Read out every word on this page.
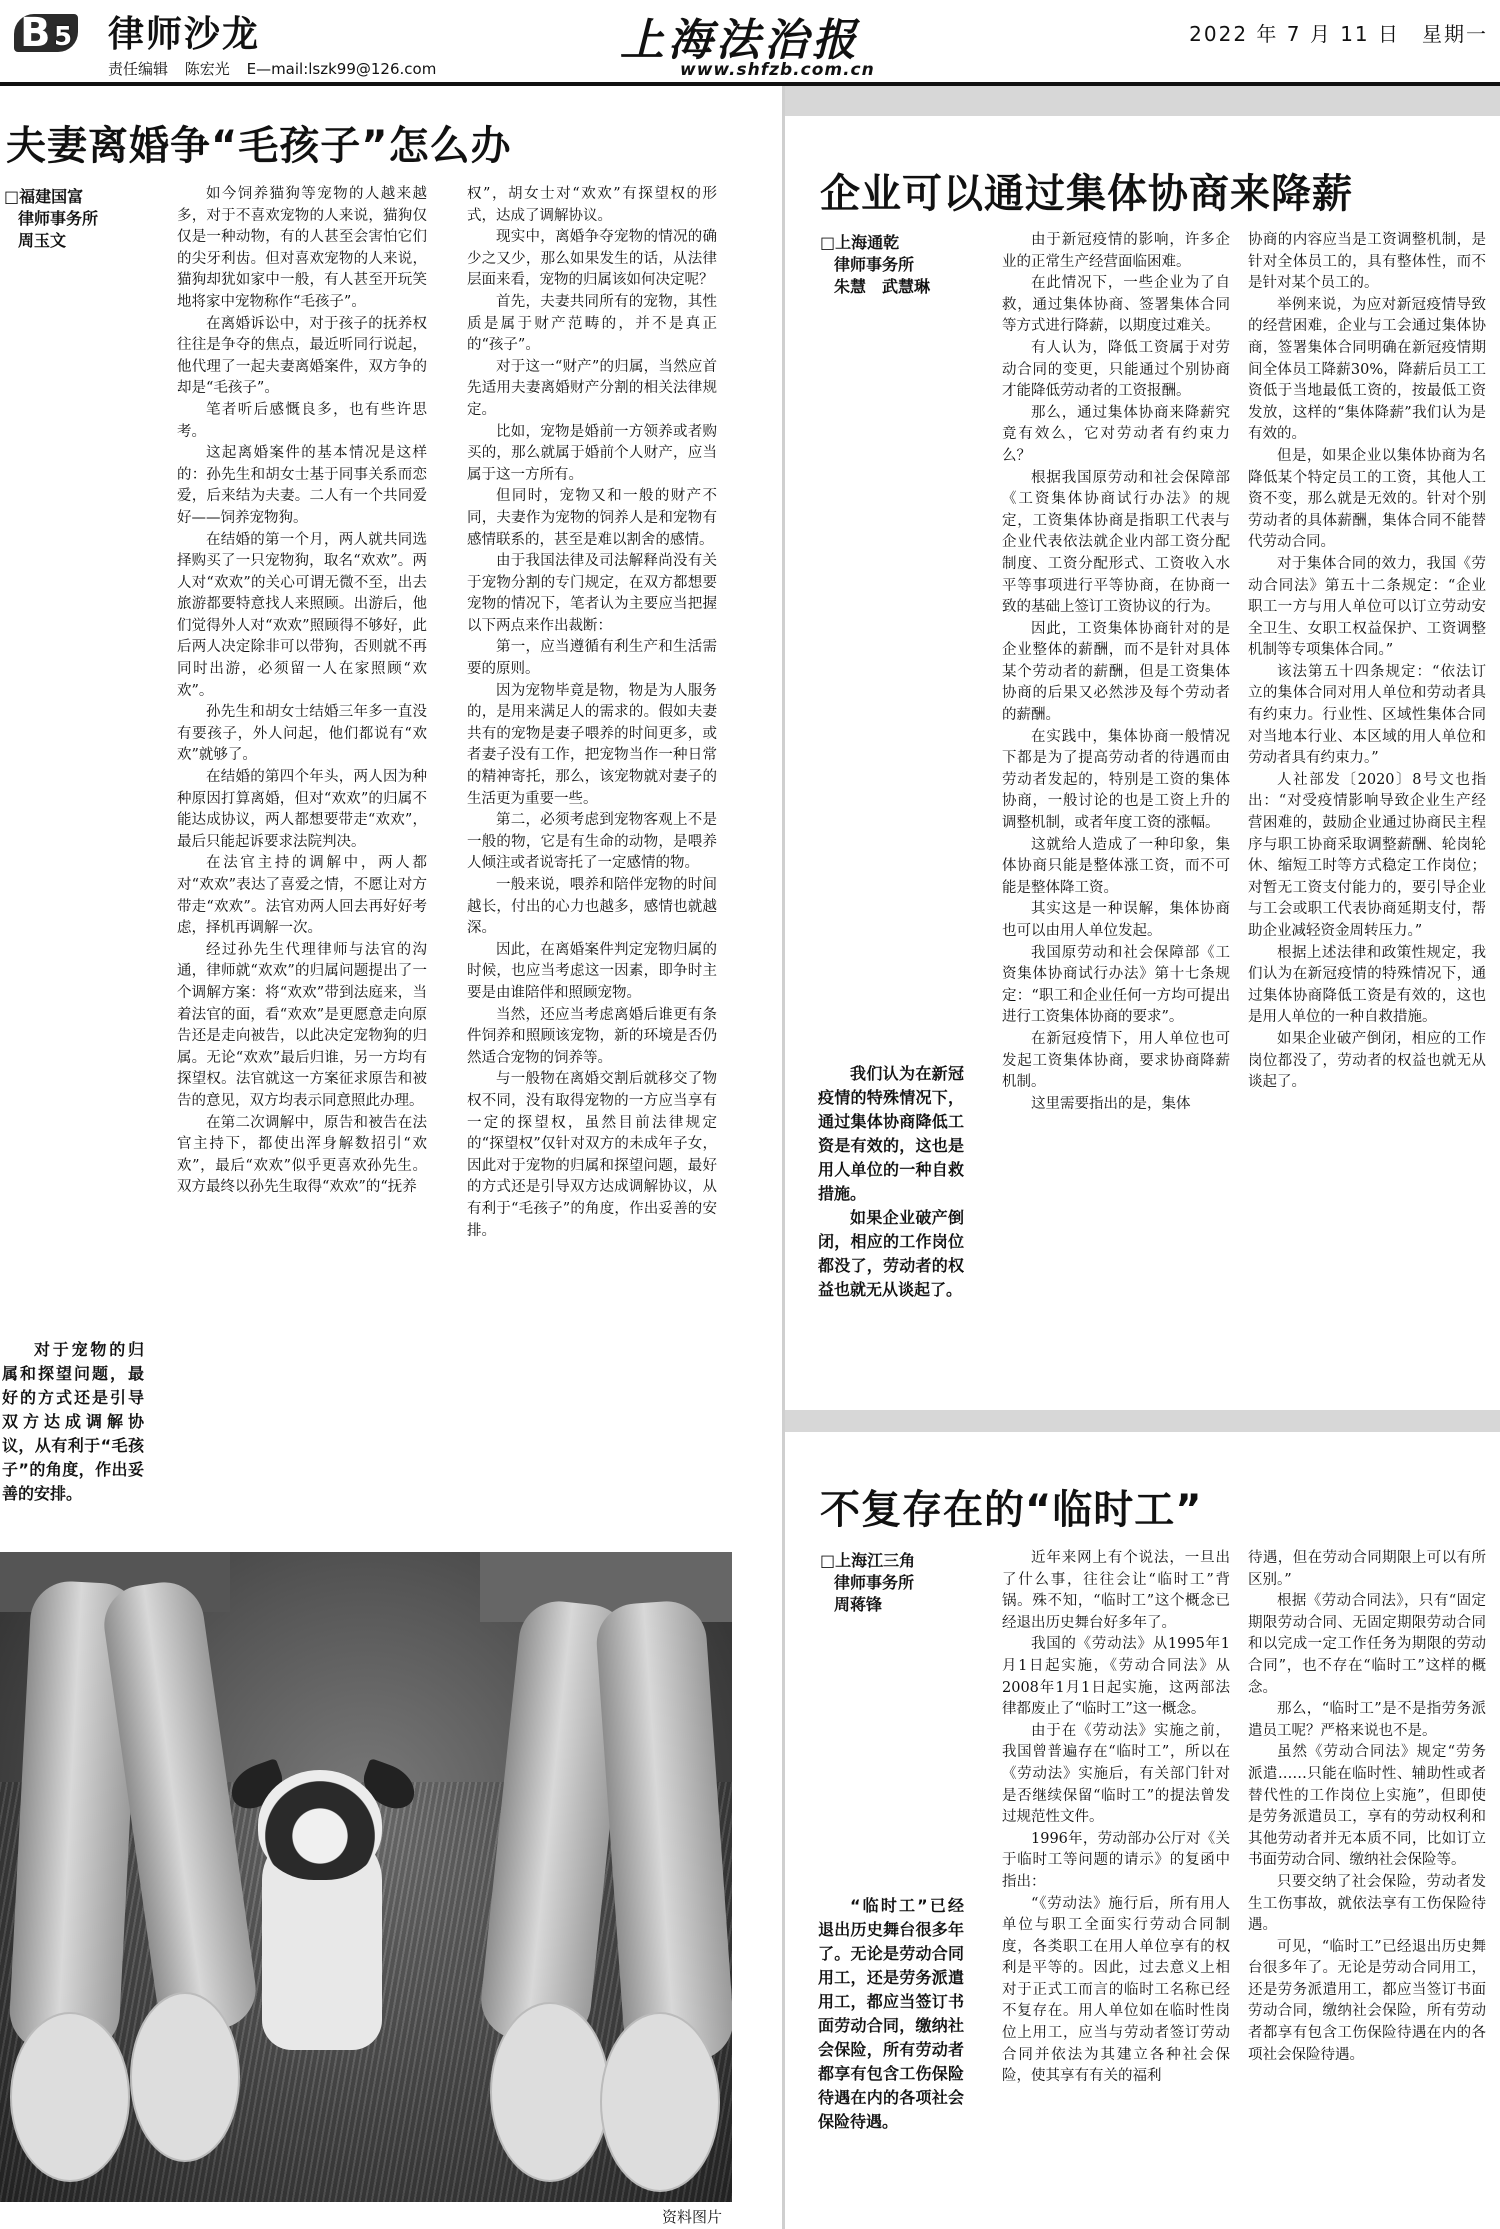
B 5 律师沙龙
责任编辑 陈宏光 E—mail:lszk99@126.com
上海法治报
www.shfzb.com.cn
2022 年 7 月 11 日　星期一
夫妻离婚争“毛孩子”怎么办
□福建国富
律师事务所
周玉文

如今饲养猫狗等宠物的人越来越多，对于不喜欢宠物的人来说，猫狗仅仅是一种动物，有的人甚至会害怕它们的尖牙利齿。但对喜欢宠物的人来说，猫狗却犹如家中一般，有人甚至开玩笑地将家中宠物称作“毛孩子”。

在离婚诉讼中，对于孩子的抚养权往往是争夺的焦点，最近听同行说起，他代理了一起夫妻离婚案件，双方争的却是“毛孩子”。

笔者听后感慨良多，也有些许思考。

这起离婚案件的基本情况是这样的：孙先生和胡女士基于同事关系而恋爱，后来结为夫妻。二人有一个共同爱好——饲养宠物狗。

在结婚的第一个月，两人就共同选择购买了一只宠物狗，取名“欢欢”。两人对“欢欢”的关心可谓无微不至，出去旅游都要特意找人来照顾。出游后，他们觉得外人对“欢欢”照顾得不够好，此后两人决定除非可以带狗，否则就不再同时出游，必须留一人在家照顾“欢欢”。

孙先生和胡女士结婚三年多一直没有要孩子，外人问起，他们都说有“欢欢”就够了。

在结婚的第四个年头，两人因为种种原因打算离婚，但对“欢欢”的归属不能达成协议，两人都想要带走“欢欢”，最后只能起诉要求法院判决。

在法官主持的调解中，两人都对“欢欢”表达了喜爱之情，不愿让对方带走“欢欢”。法官劝两人回去再好好考虑，择机再调解一次。

经过孙先生代理律师与法官的沟通，律师就“欢欢”的归属问题提出了一个调解方案：将“欢欢”带到法庭来，当着法官的面，看“欢欢”是更愿意走向原告还是走向被告，以此决定宠物狗的归属。无论“欢欢”最后归谁，另一方均有探望权。法官就这一方案征求原告和被告的意见，双方均表示同意照此办理。

在第二次调解中，原告和被告在法官主持下，都使出浑身解数招引“欢欢”，最后“欢欢”似乎更喜欢孙先生。双方最终以孙先生取得“欢欢”的“抚养

权”，胡女士对“欢欢”有探望权的形式，达成了调解协议。

现实中，离婚争夺宠物的情况的确少之又少，那么如果发生的话，从法律层面来看，宠物的归属该如何决定呢？

首先，夫妻共同所有的宠物，其性质是属于财产范畴的，并不是真正的“孩子”。

对于这一“财产”的归属，当然应首先适用夫妻离婚财产分割的相关法律规定。

比如，宠物是婚前一方领养或者购买的，那么就属于婚前个人财产，应当属于这一方所有。

但同时，宠物又和一般的财产不同，夫妻作为宠物的饲养人是和宠物有感情联系的，甚至是难以割舍的感情。

由于我国法律及司法解释尚没有关于宠物分割的专门规定，在双方都想要宠物的情况下，笔者认为主要应当把握以下两点来作出裁断：

第一，应当遵循有利生产和生活需要的原则。

因为宠物毕竟是物，物是为人服务的，是用来满足人的需求的。假如夫妻共有的宠物是妻子喂养的时间更多，或者妻子没有工作，把宠物当作一种日常的精神寄托，那么，该宠物就对妻子的生活更为重要一些。

第二，必须考虑到宠物客观上不是一般的物，它是有生命的动物，是喂养人倾注或者说寄托了一定感情的物。

一般来说，喂养和陪伴宠物的时间越长，付出的心力也越多，感情也就越深。

因此，在离婚案件判定宠物归属的时候，也应当考虑这一因素，即争时主要是由谁陪伴和照顾宠物。

当然，还应当考虑离婚后谁更有条件饲养和照顾该宠物，新的环境是否仍然适合宠物的饲养等。

与一般物在离婚交割后就移交了物权不同，没有取得宠物的一方应当享有一定的探望权，虽然目前法律规定的“探望权”仅针对双方的未成年子女，因此对于宠物的归属和探望问题，最好的方式还是引导双方达成调解协议，从有利于“毛孩子”的角度，作出妥善的安排。

对于宠物的归属和探望问题，最好的方式还是引导双方达成调解协议，从有利于“毛孩子”的角度，作出妥善的安排。

资料图片
企业可以通过集体协商来降薪
□上海通乾
律师事务所
朱慧　武慧琳

由于新冠疫情的影响，许多企业的正常生产经营面临困难。

在此情况下，一些企业为了自救，通过集体协商、签署集体合同等方式进行降薪，以期度过难关。

有人认为，降低工资属于对劳动合同的变更，只能通过个别协商才能降低劳动者的工资报酬。

那么，通过集体协商来降薪究竟有效么，它对劳动者有约束力么？

根据我国原劳动和社会保障部《工资集体协商试行办法》的规定，工资集体协商是指职工代表与企业代表依法就企业内部工资分配制度、工资分配形式、工资收入水平等事项进行平等协商，在协商一致的基础上签订工资协议的行为。

因此，工资集体协商针对的是企业整体的薪酬，而不是针对具体某个劳动者的薪酬，但是工资集体协商的后果又必然涉及每个劳动者的薪酬。

在实践中，集体协商一般情况下都是为了提高劳动者的待遇而由劳动者发起的，特别是工资的集体协商，一般讨论的也是工资上升的调整机制，或者年度工资的涨幅。

这就给人造成了一种印象，集体协商只能是整体涨工资，而不可能是整体降工资。

其实这是一种误解，集体协商也可以由用人单位发起。

我国原劳动和社会保障部《工资集体协商试行办法》第十七条规定：“职工和企业任何一方均可提出进行工资集体协商的要求”。

在新冠疫情下，用人单位也可发起工资集体协商，要求协商降薪机制。

这里需要指出的是，集体

协商的内容应当是工资调整机制，是针对全体员工的，具有整体性，而不是针对某个员工的。

举例来说，为应对新冠疫情导致的经营困难，企业与工会通过集体协商，签署集体合同明确在新冠疫情期间全体员工降薪30%，降薪后员工工资低于当地最低工资的，按最低工资发放，这样的“集体降薪”我们认为是有效的。

但是，如果企业以集体协商为名降低某个特定员工的工资，其他人工资不变，那么就是无效的。针对个别劳动者的具体薪酬，集体合同不能替代劳动合同。

对于集体合同的效力，我国《劳动合同法》第五十二条规定：“企业职工一方与用人单位可以订立劳动安全卫生、女职工权益保护、工资调整机制等专项集体合同。”

该法第五十四条规定：“依法订立的集体合同对用人单位和劳动者具有约束力。行业性、区域性集体合同对当地本行业、本区域的用人单位和劳动者具有约束力。”

人社部发〔2020〕8号文也指出：“对受疫情影响导致企业生产经营困难的，鼓励企业通过协商民主程序与职工协商采取调整薪酬、轮岗轮休、缩短工时等方式稳定工作岗位；对暂无工资支付能力的，要引导企业与工会或职工代表协商延期支付，帮助企业减轻资金周转压力。”

根据上述法律和政策性规定，我们认为在新冠疫情的特殊情况下，通过集体协商降低工资是有效的，这也是用人单位的一种自救措施。

如果企业破产倒闭，相应的工作岗位都没了，劳动者的权益也就无从谈起了。

我们认为在新冠疫情的特殊情况下，通过集体协商降低工资是有效的，这也是用人单位的一种自救措施。

如果企业破产倒闭，相应的工作岗位都没了，劳动者的权益也就无从谈起了。

不复存在的“临时工”
□上海江三角
律师事务所
周蒋锋

近年来网上有个说法，一旦出了什么事，往往会让“临时工”背锅。殊不知，“临时工”这个概念已经退出历史舞台好多年了。

我国的《劳动法》从1995年1月1日起实施，《劳动合同法》从2008年1月1日起实施，这两部法律都废止了“临时工”这一概念。

由于在《劳动法》实施之前，我国曾普遍存在“临时工”，所以在《劳动法》实施后，有关部门针对是否继续保留“临时工”的提法曾发过规范性文件。

1996年，劳动部办公厅对《关于临时工等问题的请示》的复函中指出：

“《劳动法》施行后，所有用人单位与职工全面实行劳动合同制度，各类职工在用人单位享有的权利是平等的。因此，过去意义上相对于正式工而言的临时工名称已经不复存在。用人单位如在临时性岗位上用工，应当与劳动者签订劳动合同并依法为其建立各种社会保险，使其享有有关的福利

待遇，但在劳动合同期限上可以有所区别。”

根据《劳动合同法》，只有“固定期限劳动合同、无固定期限劳动合同和以完成一定工作任务为期限的劳动合同”，也不存在“临时工”这样的概念。

那么，“临时工”是不是指劳务派遣员工呢？严格来说也不是。

虽然《劳动合同法》规定“劳务派遣……只能在临时性、辅助性或者替代性的工作岗位上实施”，但即使是劳务派遣员工，享有的劳动权利和其他劳动者并无本质不同，比如订立书面劳动合同、缴纳社会保险等。

只要交纳了社会保险，劳动者发生工伤事故，就依法享有工伤保险待遇。

可见，“临时工”已经退出历史舞台很多年了。无论是劳动合同用工，还是劳务派遣用工，都应当签订书面劳动合同，缴纳社会保险，所有劳动者都享有包含工伤保险待遇在内的各项社会保险待遇。

“临时工”已经退出历史舞台很多年了。无论是劳动合同用工，还是劳务派遣用工，都应当签订书面劳动合同，缴纳社会保险，所有劳动者都享有包含工伤保险待遇在内的各项社会保险待遇。
